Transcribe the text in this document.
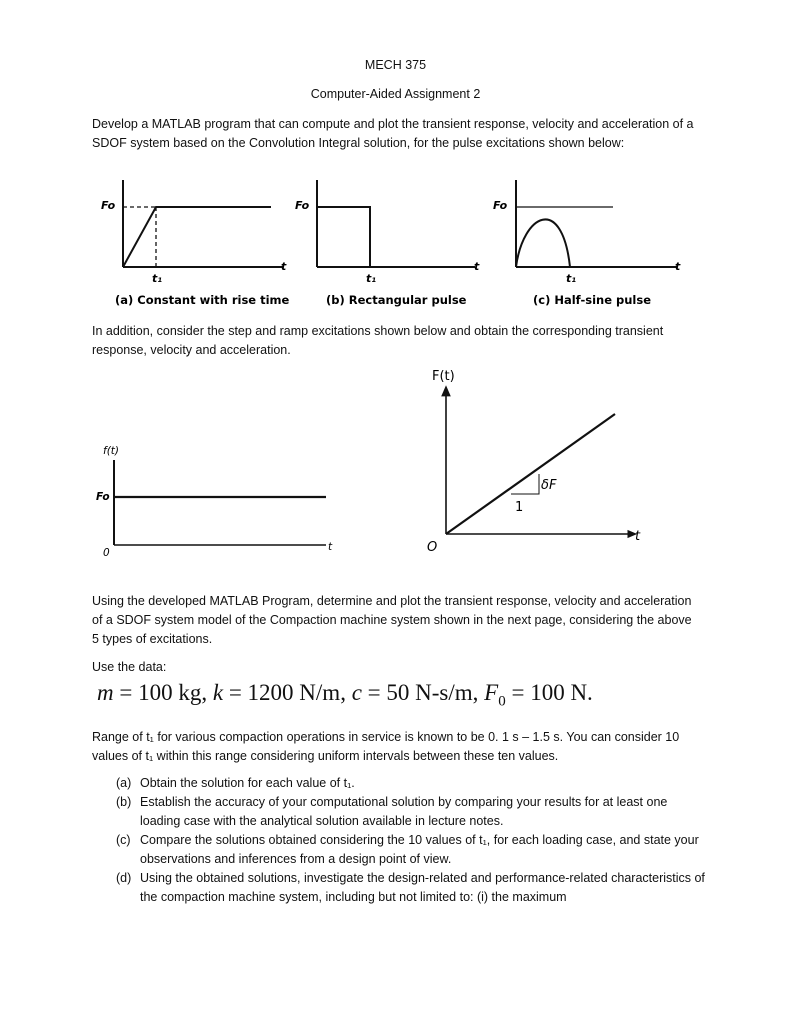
MECH 375
Computer-Aided Assignment 2

Develop a MATLAB program that can compute and plot the transient response, velocity and acceleration of a SDOF system based on the Convolution Integral solution, for the pulse excitations shown below:

Fo
t₁
t
Fo
t₁
t
Fo
t₁
t
(a) Constant with rise time	(b) Rectangular pulse	(c) Half-sine pulse

In addition, consider the step and ramp excitations shown below and obtain the corresponding transient response, velocity and acceleration.

f(t)
Fo
0	t
F(t)
δF
1
O
t

Using the developed MATLAB Program, determine and plot the transient response, velocity and acceleration of a SDOF system model of the Compaction machine system shown in the next page, considering the above 5 types of excitations.

Use the data:

m = 100 kg, k = 1200 N/m, c = 50 N-s/m, $F_0 = 100$ N.

Range of t₁ for various compaction operations in service is known to be 0. 1 s – 1.5 s. You can consider 10 values of t₁ within this range considering uniform intervals between these ten values.

(a) Obtain the solution for each value of t₁.
(b) Establish the accuracy of your computational solution by comparing your results for at least one loading case with the analytical solution available in lecture notes.
(c) Compare the solutions obtained considering the 10 values of t₁, for each loading case, and state your observations and inferences from a design point of view.
(d) Using the obtained solutions, investigate the design-related and performance-related characteristics of the compaction machine system, including but not limited to: (i) the maximum
